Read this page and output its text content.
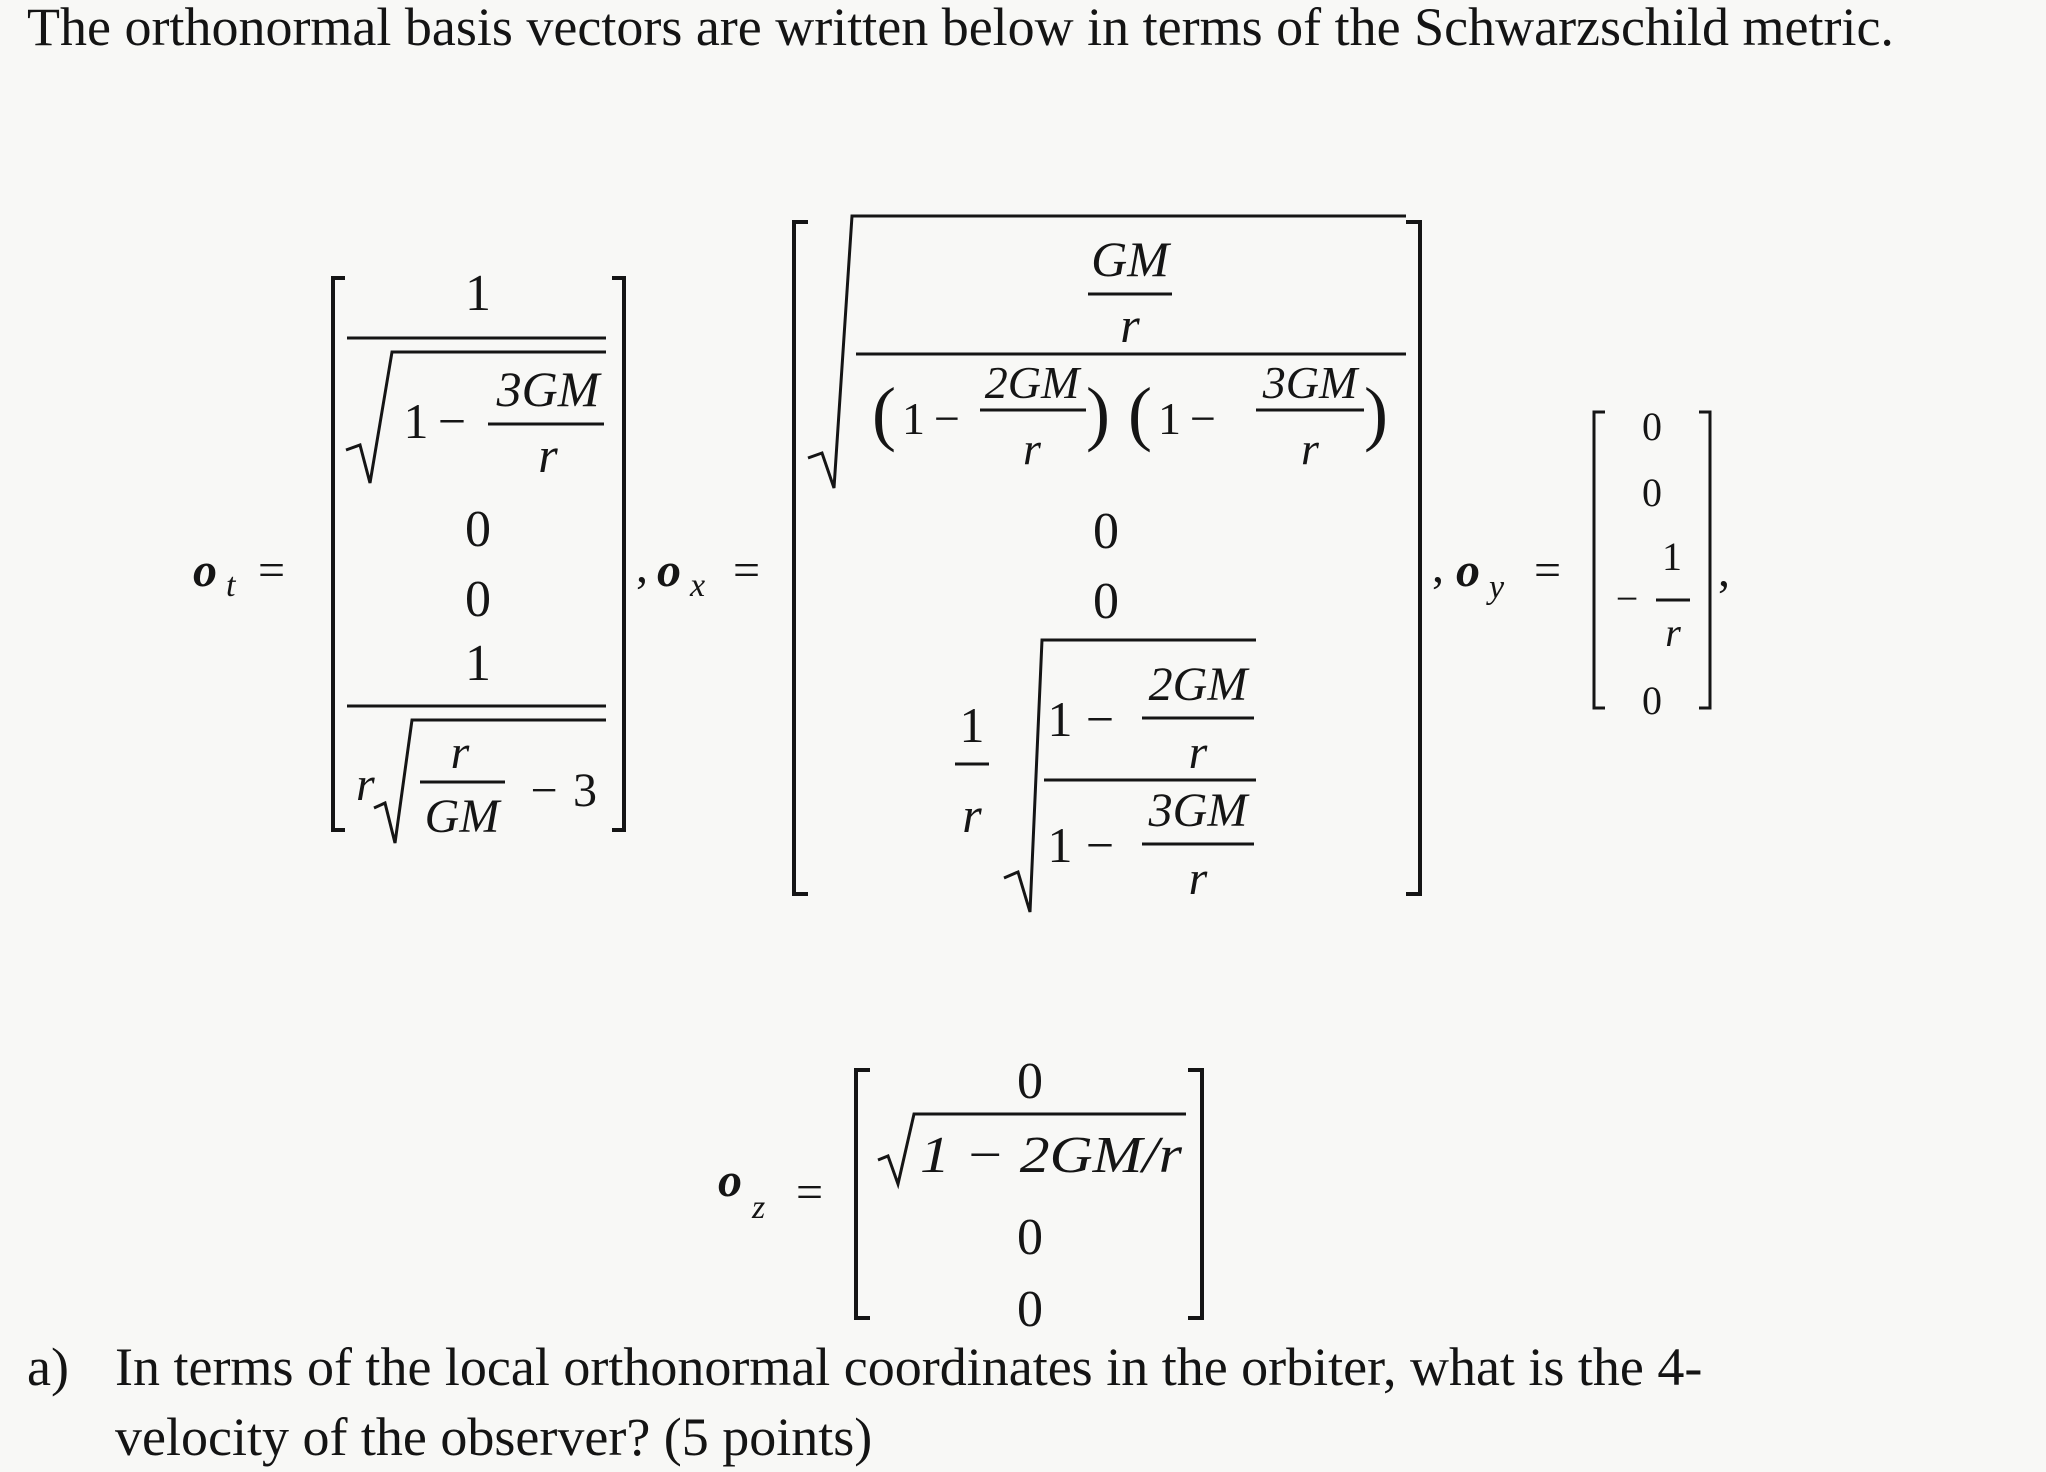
The orthonormal basis vectors are written below in terms of the Schwarzschild metric.

o t =
1
1 −
3GM
r
0
0
1
r
r
GM − 3
, o x =
GM
r
( 1 −
2GM
r ) ( 1 −
3GM
r )
0
0
1
r
1 −
2GM
r
1 −
3GM
r
, o y =
0
0
−
1
r
0
,
o
z =
0
1 − 2GM/r
0
0
a) In terms of the local orthonormal coordinates in the orbiter, what is the 4-
velocity of the observer? (5 points)
